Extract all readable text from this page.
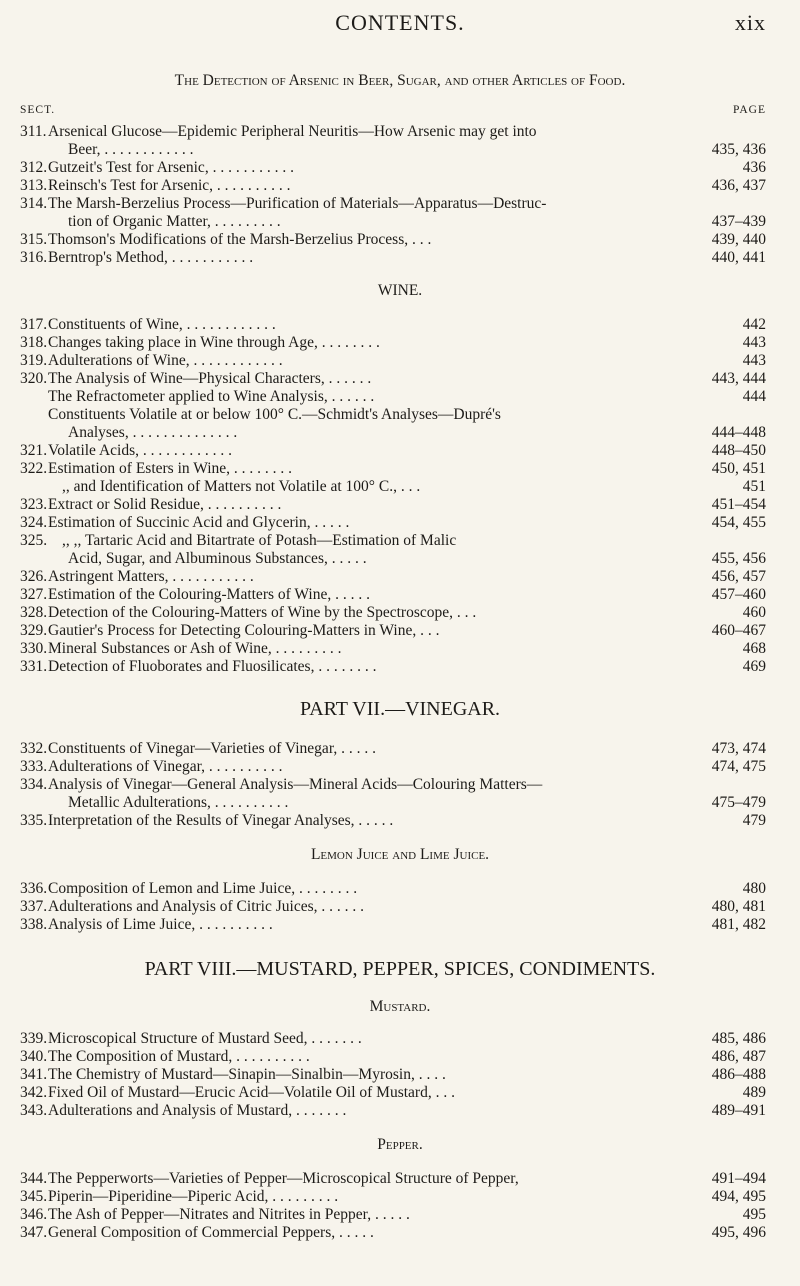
CONTENTS.	xix
The Detection of Arsenic in Beer, Sugar, and other Articles of Food.
SECT.	PAGE
311. Arsenical Glucose—Epidemic Peripheral Neuritis—How Arsenic may get into
Beer, . . . . . . . . . . . .	435, 436
312. Gutzeit's Test for Arsenic, . . . . . . . . . . .	436
313. Reinsch's Test for Arsenic, . . . . . . . . . .	436, 437
314. The Marsh-Berzelius Process—Purification of Materials—Apparatus—Destruc-
tion of Organic Matter, . . . . . . . . .	437–439
315. Thomson's Modifications of the Marsh-Berzelius Process, . . .	439, 440
316. Berntrop's Method, . . . . . . . . . . .	440, 441
WINE.
317. Constituents of Wine, . . . . . . . . . . . .	442
318. Changes taking place in Wine through Age, . . . . . . . .	443
319. Adulterations of Wine, . . . . . . . . . . . .	443
320. The Analysis of Wine—Physical Characters, . . . . . .	443, 444
The Refractometer applied to Wine Analysis, . . . . . .	444
Constituents Volatile at or below 100° C.—Schmidt's Analyses—Dupré's
Analyses, . . . . . . . . . . . . . .	444–448
321. Volatile Acids, . . . . . . . . . . . .	448–450
322. Estimation of Esters in Wine, . . . . . . . .	450, 451
,, and Identification of Matters not Volatile at 100° C., . . .	451
323. Extract or Solid Residue, . . . . . . . . . .	451–454
324. Estimation of Succinic Acid and Glycerin, . . . . .	454, 455
325. ,, ,, Tartaric Acid and Bitartrate of Potash—Estimation of Malic
Acid, Sugar, and Albuminous Substances, . . . . .	455, 456
326. Astringent Matters, . . . . . . . . . . .	456, 457
327. Estimation of the Colouring-Matters of Wine, . . . . .	457–460
328. Detection of the Colouring-Matters of Wine by the Spectroscope, . . .	460
329. Gautier's Process for Detecting Colouring-Matters in Wine, . . .	460–467
330. Mineral Substances or Ash of Wine, . . . . . . . . .	468
331. Detection of Fluoborates and Fluosilicates, . . . . . . . .	469
PART VII.—VINEGAR.
332. Constituents of Vinegar—Varieties of Vinegar, . . . . .	473, 474
333. Adulterations of Vinegar, . . . . . . . . . .	474, 475
334. Analysis of Vinegar—General Analysis—Mineral Acids—Colouring Matters—
Metallic Adulterations, . . . . . . . . . .	475–479
335. Interpretation of the Results of Vinegar Analyses, . . . . .	479
Lemon Juice and Lime Juice.
336. Composition of Lemon and Lime Juice, . . . . . . . .	480
337. Adulterations and Analysis of Citric Juices, . . . . . .	480, 481
338. Analysis of Lime Juice, . . . . . . . . . .	481, 482
PART VIII.—MUSTARD, PEPPER, SPICES, CONDIMENTS.
Mustard.
339. Microscopical Structure of Mustard Seed, . . . . . . .	485, 486
340. The Composition of Mustard, . . . . . . . . . .	486, 487
341. The Chemistry of Mustard—Sinapin—Sinalbin—Myrosin, . . . .	486–488
342. Fixed Oil of Mustard—Erucic Acid—Volatile Oil of Mustard, . . .	489
343. Adulterations and Analysis of Mustard, . . . . . . .	489–491
Pepper.
344. The Pepperworts—Varieties of Pepper—Microscopical Structure of Pepper,	491–494
345. Piperin—Piperidine—Piperic Acid, . . . . . . . . .	494, 495
346. The Ash of Pepper—Nitrates and Nitrites in Pepper, . . . . .	495
347. General Composition of Commercial Peppers, . . . . .	495, 496
